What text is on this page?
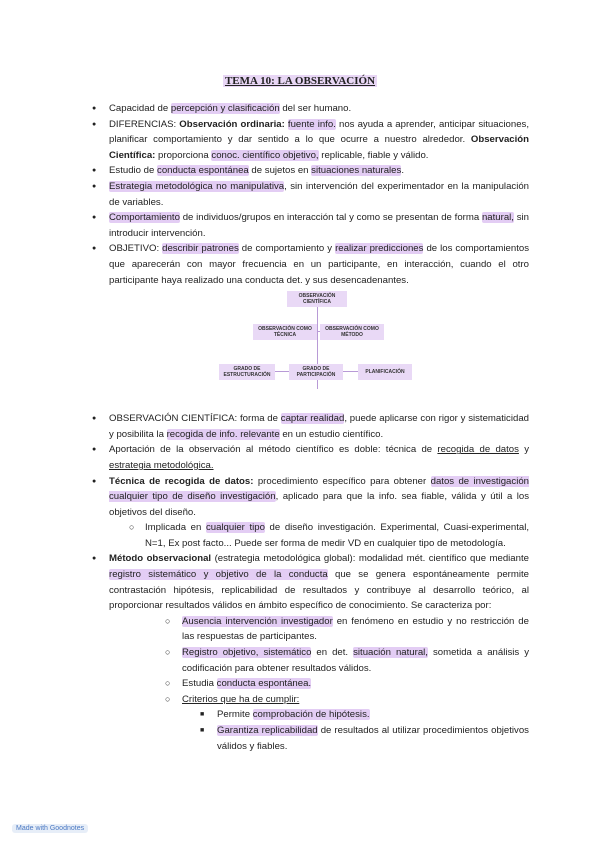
TEMA 10: LA OBSERVACIÓN
● Capacidad de percepción y clasificación del ser humano.
● DIFERENCIAS: Observación ordinaria: fuente info. nos ayuda a aprender, anticipar situaciones, planificar comportamiento y dar sentido a lo que ocurre a nuestro alrededor. Observación Científica: proporciona conoc. científico objetivo, replicable, fiable y válido.
● Estudio de conducta espontánea de sujetos en situaciones naturales.
● Estrategia metodológica no manipulativa, sin intervención del experimentador en la manipulación de variables.
● Comportamiento de individuos/grupos en interacción tal y como se presentan de forma natural, sin introducir intervención.
● OBJETIVO: describir patrones de comportamiento y realizar predicciones de los comportamientos que aparecerán con mayor frecuencia en un participante, en interacción, cuando el otro participante haya realizado una conducta det. y sus desencadenantes.
OBSERVACIÓN CIENTÍFICA
OBSERVACIÓN COMO TÉCNICA
OBSERVACIÓN COMO MÉTODO
GRADO DE ESTRUCTURACIÓN
GRADO DE PARTICIPACIÓN	PLANIFICACIÓN
● OBSERVACIÓN CIENTÍFICA: forma de captar realidad, puede aplicarse con rigor y sistematicidad y posibilita la recogida de info. relevante en un estudio científico.
● Aportación de la observación al método científico es doble: técnica de recogida de datos y estrategia metodológica.
● Técnica de recogida de datos: procedimiento específico para obtener datos de investigación cualquier tipo de diseño investigación, aplicado para que la info. sea fiable, válida y útil a los objetivos del diseño.
○ Implicada en cualquier tipo de diseño investigación. Experimental, Cuasi-experimental, N=1, Ex post facto... Puede ser forma de medir VD en cualquier tipo de metodología.
● Método observacional (estrategia metodológica global): modalidad mét. científico que mediante registro sistemático y objetivo de la conducta que se genera espontáneamente permite contrastación hipótesis, replicabilidad de resultados y contribuye al desarrollo teórico, al proporcionar resultados válidos en ámbito específico de conocimiento. Se caracteriza por:
○ Ausencia intervención investigador en fenómeno en estudio y no restricción de las respuestas de participantes.
○ Registro objetivo, sistemático en det. situación natural, sometida a análisis y codificación para obtener resultados válidos.
○ Estudia conducta espontánea.
○ Criterios que ha de cumplir:
■ Permite comprobación de hipótesis.
■ Garantiza replicabilidad de resultados al utilizar procedimientos objetivos válidos y fiables.
Made with Goodnotes
